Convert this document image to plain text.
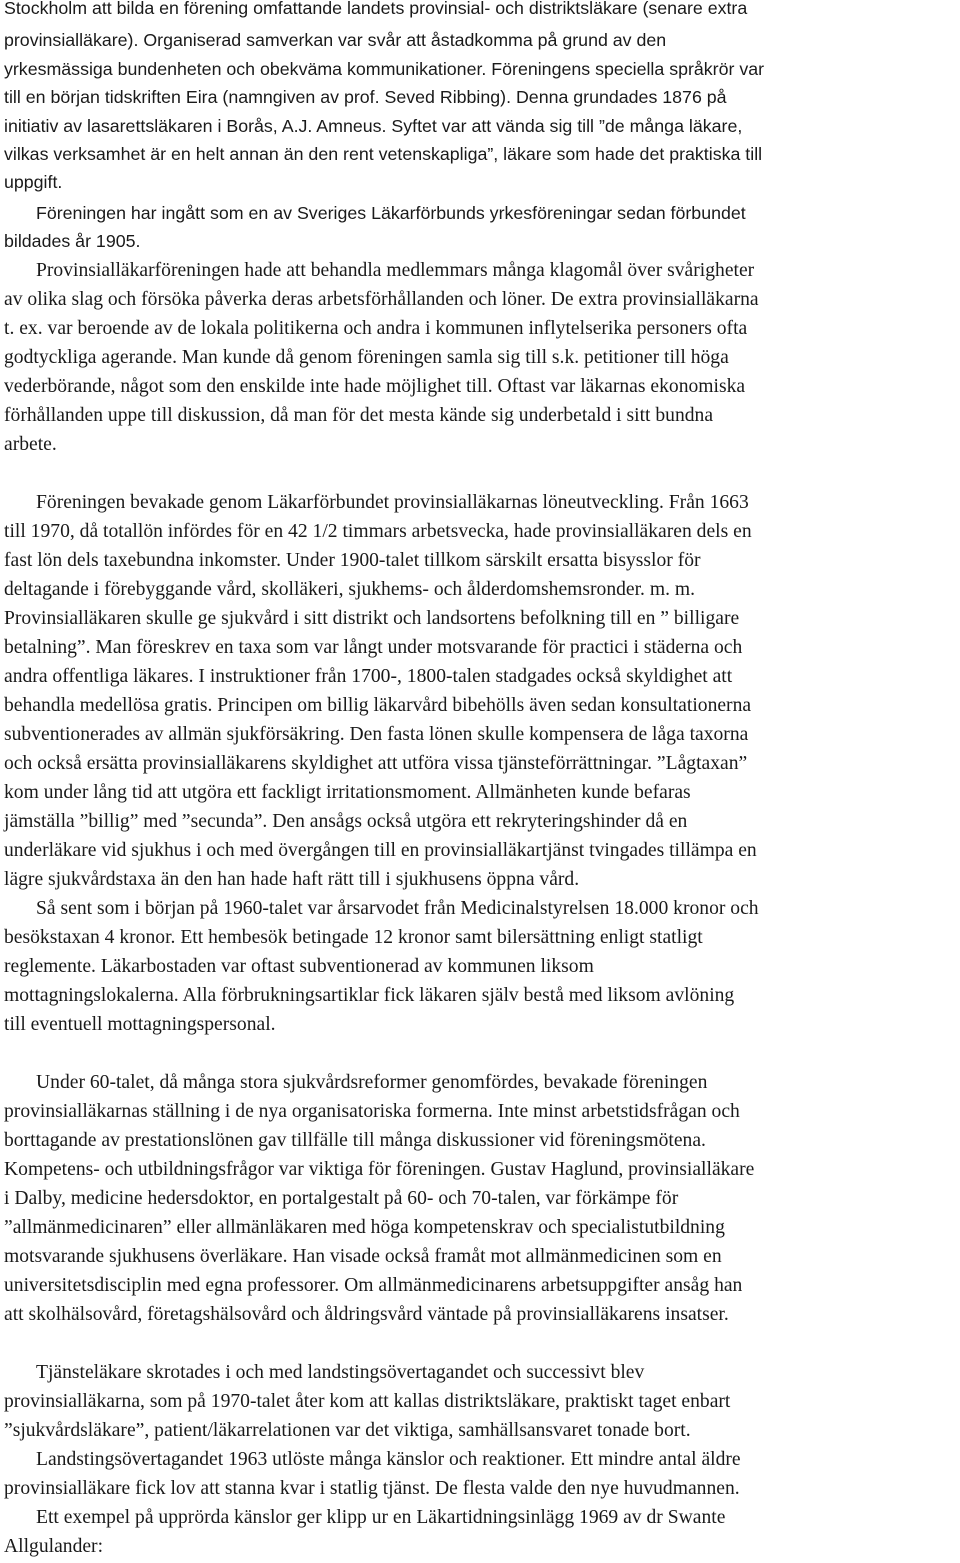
Stockholm att bilda en förening omfattande landets provinsial- och distriktsläkare (senare extra

provinsialläkare). Organiserad samverkan var svår att åstadkomma på grund av den

yrkesmässiga bundenheten och obekväma kommunikationer. Föreningens speciella språkrör var

till en början tidskriften Eira (namngiven av prof. Seved Ribbing). Denna grundades 1876 på

initiativ av lasarettsläkaren i Borås, A.J. Amneus. Syftet var att vända sig till ”de många läkare,

vilkas verksamhet är en helt annan än den rent vetenskapliga”, läkare som hade det praktiska till

uppgift.

Föreningen har ingått som en av Sveriges Läkarförbunds yrkesföreningar sedan förbundet

bildades år 1905.

Provinsialläkarföreningen hade att behandla medlemmars många klagomål över svårigheter

av olika slag och försöka påverka deras arbetsförhållanden och löner. De extra provinsialläkarna

t. ex. var beroende av de lokala politikerna och andra i kommunen inflytelserika personers ofta

godtyckliga agerande. Man kunde då genom föreningen samla sig till s.k. petitioner till höga

vederbörande, något som den enskilde inte hade möjlighet till. Oftast var läkarnas ekonomiska

förhållanden uppe till diskussion, då man för det mesta kände sig underbetald i sitt bundna

arbete.

Föreningen bevakade genom Läkarförbundet provinsialläkarnas löneutveckling. Från 1663

till 1970, då totallön infördes för en 42 1/2 timmars arbetsvecka, hade provinsialläkaren dels en

fast lön dels taxebundna inkomster. Under 1900-talet tillkom särskilt ersatta bisysslor för

deltagande i förebyggande vård, skolläkeri, sjukhems- och ålderdomshemsronder. m. m.

Provinsialläkaren skulle ge sjukvård i sitt distrikt och landsortens befolkning till en ” billigare

betalning”. Man föreskrev en taxa som var långt under motsvarande för practici i städerna och

andra offentliga läkares. I instruktioner från 1700-, 1800-talen stadgades också skyldighet att

behandla medellösa gratis. Principen om billig läkarvård bibehölls även sedan konsultationerna

subventionerades av allmän sjukförsäkring. Den fasta lönen skulle kompensera de låga taxorna

och också ersätta provinsialläkarens skyldighet att utföra vissa tjänsteförrättningar. ”Lågtaxan”

kom under lång tid att utgöra ett fackligt irritationsmoment. Allmänheten kunde befaras

jämställa ”billig” med ”secunda”. Den ansågs också utgöra ett rekryteringshinder då en

underläkare vid sjukhus i och med övergången till en provinsialläkartjänst tvingades tillämpa en

lägre sjukvårdstaxa än den han hade haft rätt till i sjukhusens öppna vård.

Så sent som i början på 1960-talet var årsarvodet från Medicinalstyrelsen 18.000 kronor och

besökstaxan 4 kronor. Ett hembesök betingade 12 kronor samt bilersättning enligt statligt

reglemente. Läkarbostaden var oftast subventionerad av kommunen liksom

mottagningslokalerna. Alla förbrukningsartiklar fick läkaren själv bestå med liksom avlöning

till eventuell mottagningspersonal.

Under 60-talet, då många stora sjukvårdsreformer genomfördes, bevakade föreningen

provinsialläkarnas ställning i de nya organisatoriska formerna. Inte minst arbetstidsfrågan och

borttagande av prestationslönen gav tillfälle till många diskussioner vid föreningsmötena.

Kompetens- och utbildningsfrågor var viktiga för föreningen. Gustav Haglund, provinsialläkare

i Dalby, medicine hedersdoktor, en portalgestalt på 60- och 70-talen, var förkämpe för

”allmänmedicinaren” eller allmänläkaren med höga kompetenskrav och specialistutbildning

motsvarande sjukhusens överläkare. Han visade också framåt mot allmänmedicinen som en

universitetsdisciplin med egna professorer. Om allmänmedicinarens arbetsuppgifter ansåg han

att skolhälsovård, företagshälsovård och åldringsvård väntade på provinsialläkarens insatser.

Tjänsteläkare skrotades i och med landstingsövertagandet och successivt blev

provinsialläkarna, som på 1970-talet åter kom att kallas distriktsläkare, praktiskt taget enbart

”sjukvårdsläkare”, patient/läkarrelationen var det viktiga, samhällsansvaret tonade bort.

Landstingsövertagandet 1963 utlöste många känslor och reaktioner. Ett mindre antal äldre

provinsialläkare fick lov att stanna kvar i statlig tjänst. De flesta valde den nye huvudmannen.

Ett exempel på upprörda känslor ger klipp ur en Läkartidningsinlägg 1969 av dr Swante

Allgulander:
